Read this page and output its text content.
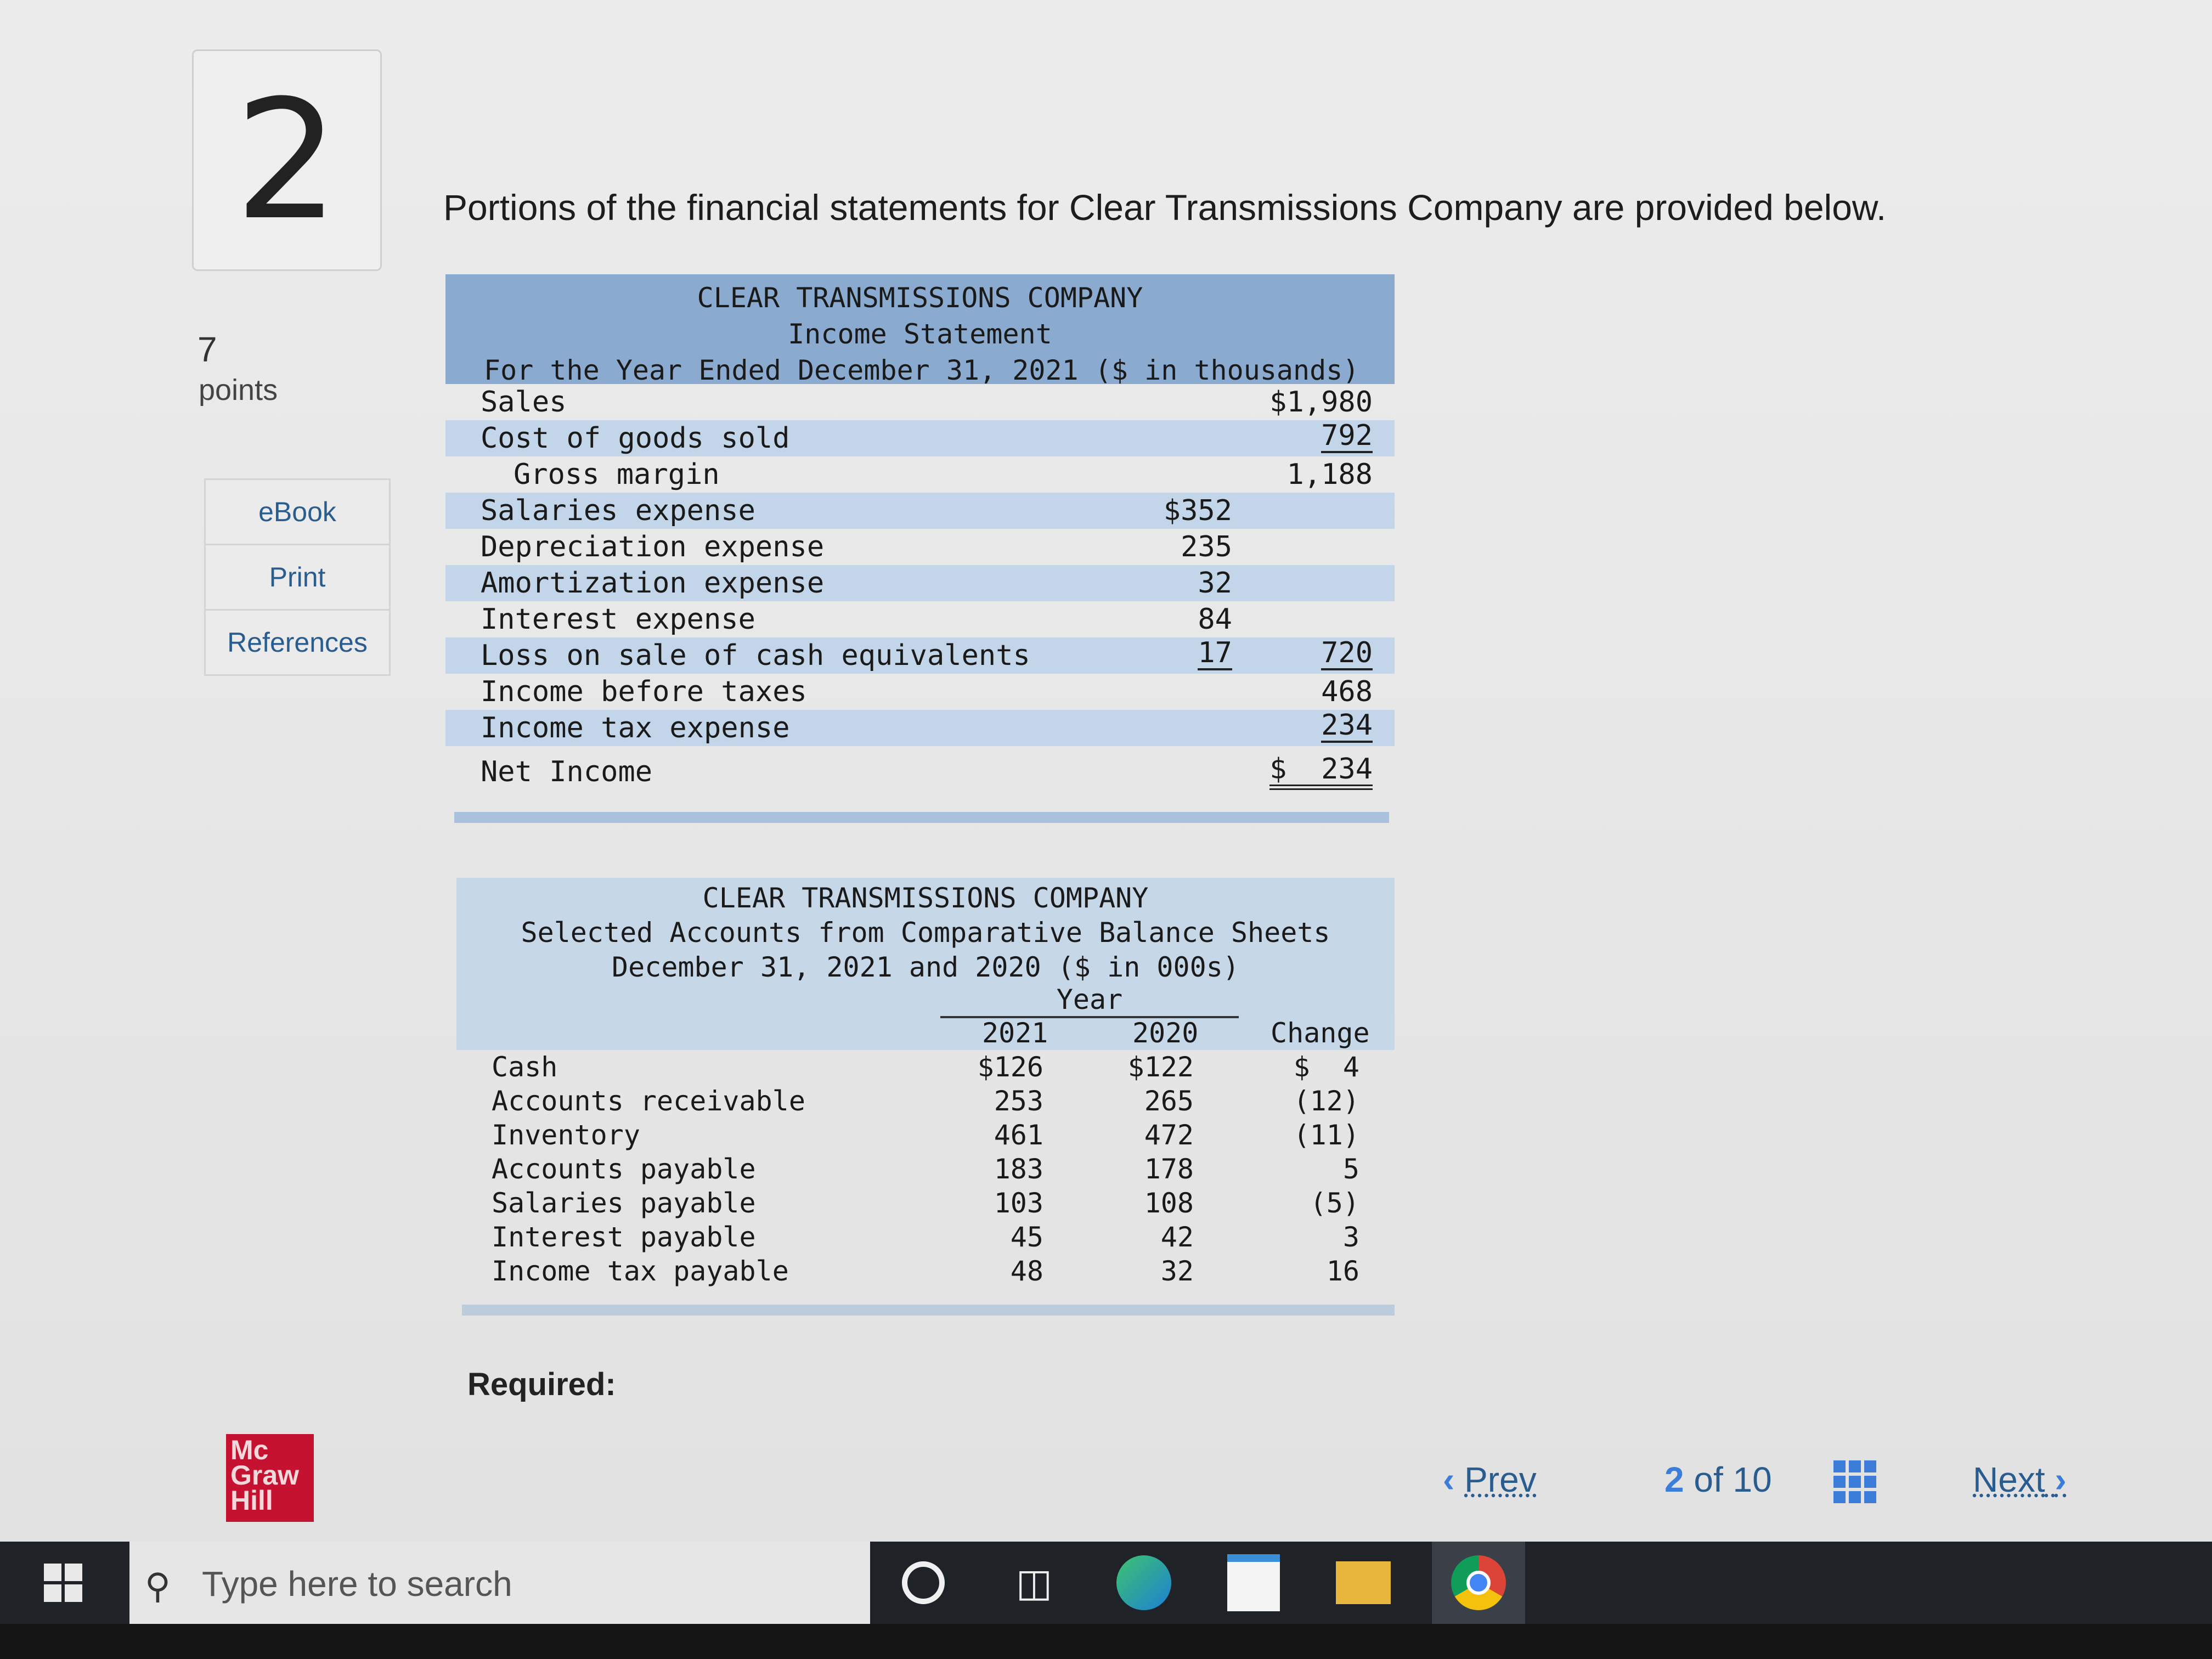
2
7
points
eBook
Print
References
Portions of the financial statements for Clear Transmissions Company are provided below.
CLEAR TRANSMISSIONS COMPANY
Income Statement
For the Year Ended December 31, 2021 ($ in thousands)
Sales	$1,980
Cost of goods sold	792
Gross margin	1,188
Salaries expense	$352
Depreciation expense	235
Amortization expense	32
Interest expense	84
Loss on sale of cash equivalents	17	720
Income before taxes	468
Income tax expense	234
Net Income	$  234
CLEAR TRANSMISSIONS COMPANY
Selected Accounts from Comparative Balance Sheets
December 31, 2021 and 2020 ($ in 000s)
Year
2021	2020	Change
Cash	$126	$122	$  4
Accounts receivable	253	265	(12)
Inventory	461	472	(11)
Accounts payable	183	178	5
Salaries payable	103	108	(5)
Interest payable	45	42	3
Income tax payable	48	32	16
Required:
Mc
Graw
Hill
‹ Prev	2 of 10	Next ›
⚲ Type here to search	◫
